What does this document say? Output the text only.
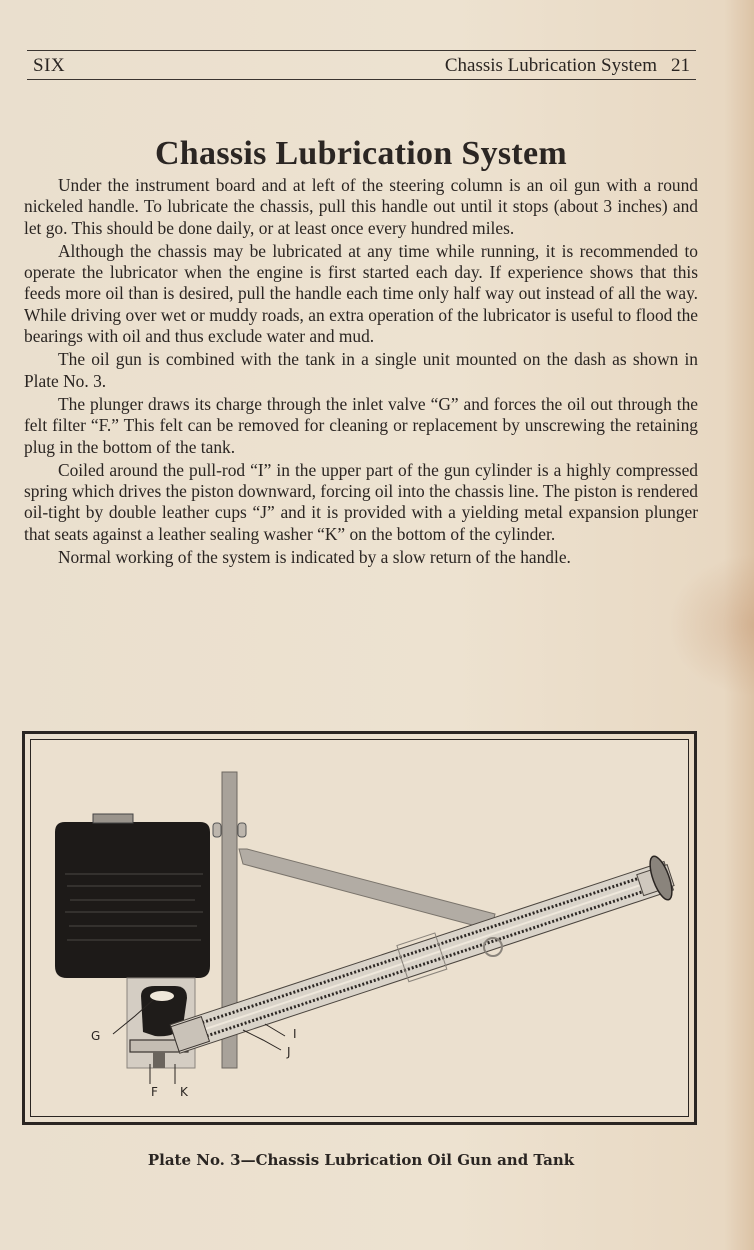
SIX	Chassis Lubrication System 21
Chassis Lubrication System

Under the instrument board and at left of the steering column is an oil gun with a round nickeled handle. To lubricate the chassis, pull this handle out until it stops (about 3 inches) and let go. This should be done daily, or at least once every hundred miles.

Although the chassis may be lubricated at any time while running, it is recommended to operate the lubricator when the engine is first started each day. If experience shows that this feeds more oil than is desired, pull the handle each time only half way out instead of all the way. While driving over wet or muddy roads, an extra operation of the lubricator is useful to flood the bearings with oil and thus exclude water and mud.

The oil gun is combined with the tank in a single unit mounted on the dash as shown in Plate No. 3.

The plunger draws its charge through the inlet valve “G” and forces the oil out through the felt filter “F.” This felt can be removed for cleaning or replacement by unscrewing the retaining plug in the bottom of the tank.

Coiled around the pull-rod “I” in the upper part of the gun cylinder is a highly compressed spring which drives the piston downward, forcing oil into the chassis line. The piston is rendered oil-tight by double leather cups “J” and it is provided with a yielding metal expansion plunger that seats against a leather sealing washer “K” on the bottom of the cylinder.

Normal working of the system is indicated by a slow return of the handle.

G
F K
J
I
Plate No. 3—Chassis Lubrication Oil Gun and Tank
